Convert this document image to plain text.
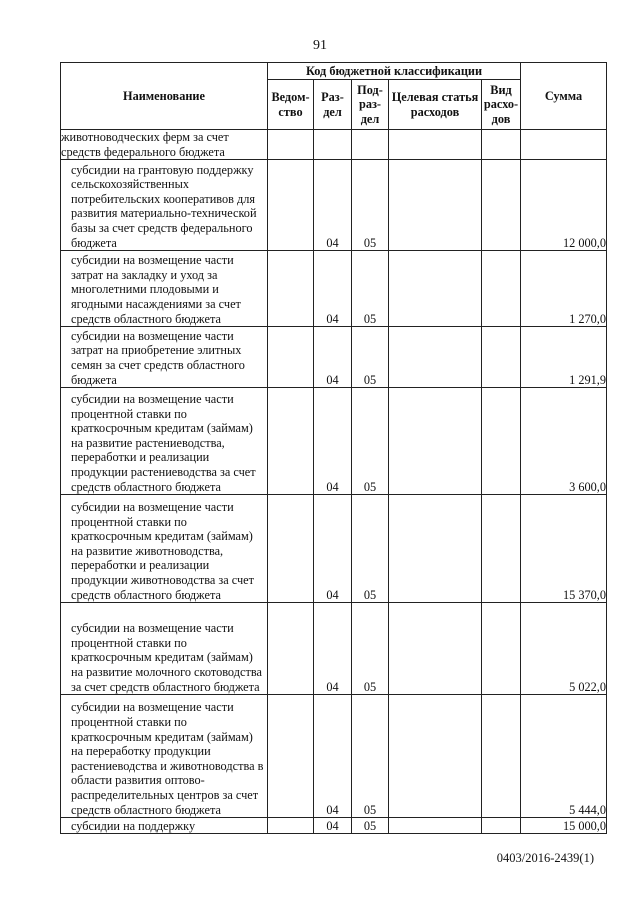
91
Наименование	Код бюджетной классификации					Сумма
	Ведом-ство	Раз-дел	Под-раз-дел	Целевая статья расходов	Вид расхо-дов	
животноводческих ферм за счет средств федерального бюджета						

субсидии на грантовую поддержку сельскохозяйственных потребительских кооперативов для развития материально-технической базы за счет средств федерального бюджета		04	05			12 000,0

субсидии на возмещение части затрат на закладку и уход за многолетними плодовыми и ягодными насаждениями за счет средств областного бюджета		04	05			1 270,0

субсидии на возмещение части затрат на приобретение элитных семян за счет средств областного бюджета		04	05			1 291,9

субсидии на возмещение части процентной ставки по краткосрочным кредитам (займам) на развитие растениеводства, переработки и реализации продукции растениеводства за счет средств областного бюджета		04	05			3 600,0

субсидии на возмещение части процентной ставки по краткосрочным кредитам (займам) на развитие животноводства, переработки и реализации продукции животноводства за счет средств областного бюджета		04	05			15 370,0

субсидии на возмещение части процентной ставки по краткосрочным кредитам (займам) на развитие молочного скотоводства за счет средств областного бюджета		04	05			5 022,0

субсидии на возмещение части процентной ставки по краткосрочным кредитам (займам) на переработку продукции растениеводства и животноводства в области развития оптово-распределительных центров за счет средств областного бюджета		04	05			5 444,0

субсидии на поддержку		04	05			15 000,0
0403/2016-2439(1)
